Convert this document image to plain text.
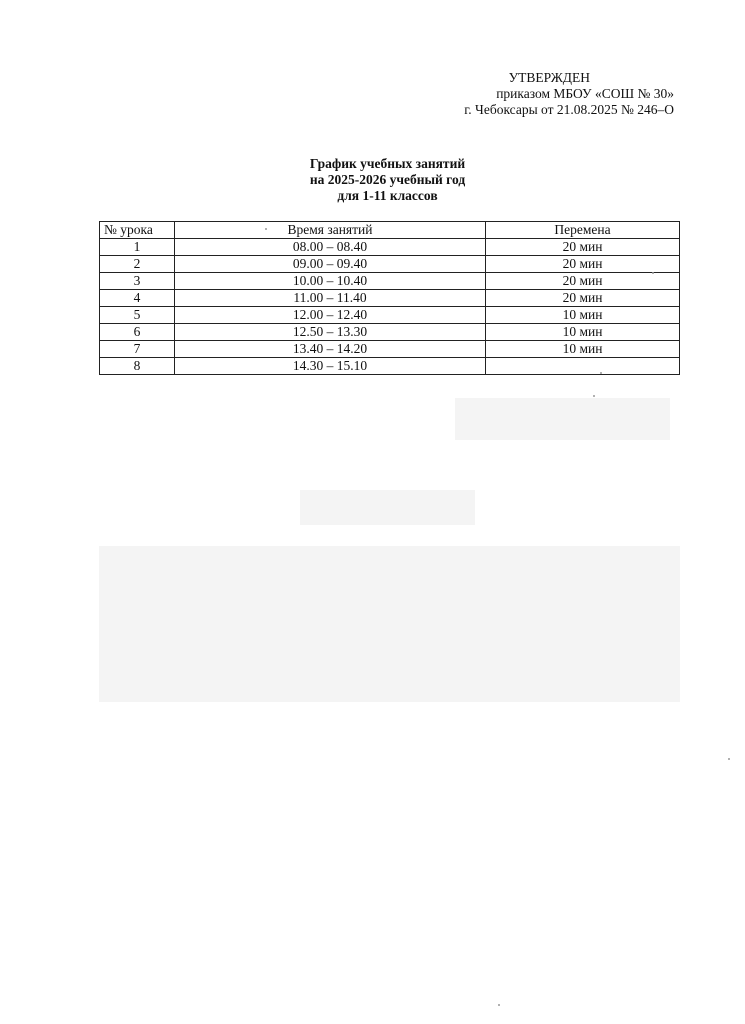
УТВЕРЖДЕН
приказом МБОУ «СОШ № 30»
г. Чебоксары от 21.08.2025 № 246–О
График учебных занятий
на 2025-2026 учебный год
для 1-11 классов
№ урока	Время занятий	Перемена
1	08.00 – 08.40	20 мин
2	09.00 – 09.40	20 мин
3	10.00 – 10.40	20 мин
4	11.00 – 11.40	20 мин
5	12.00 – 12.40	10 мин
6	12.50 – 13.30	10 мин
7	13.40 – 14.20	10 мин
8	14.30 – 15.10	
